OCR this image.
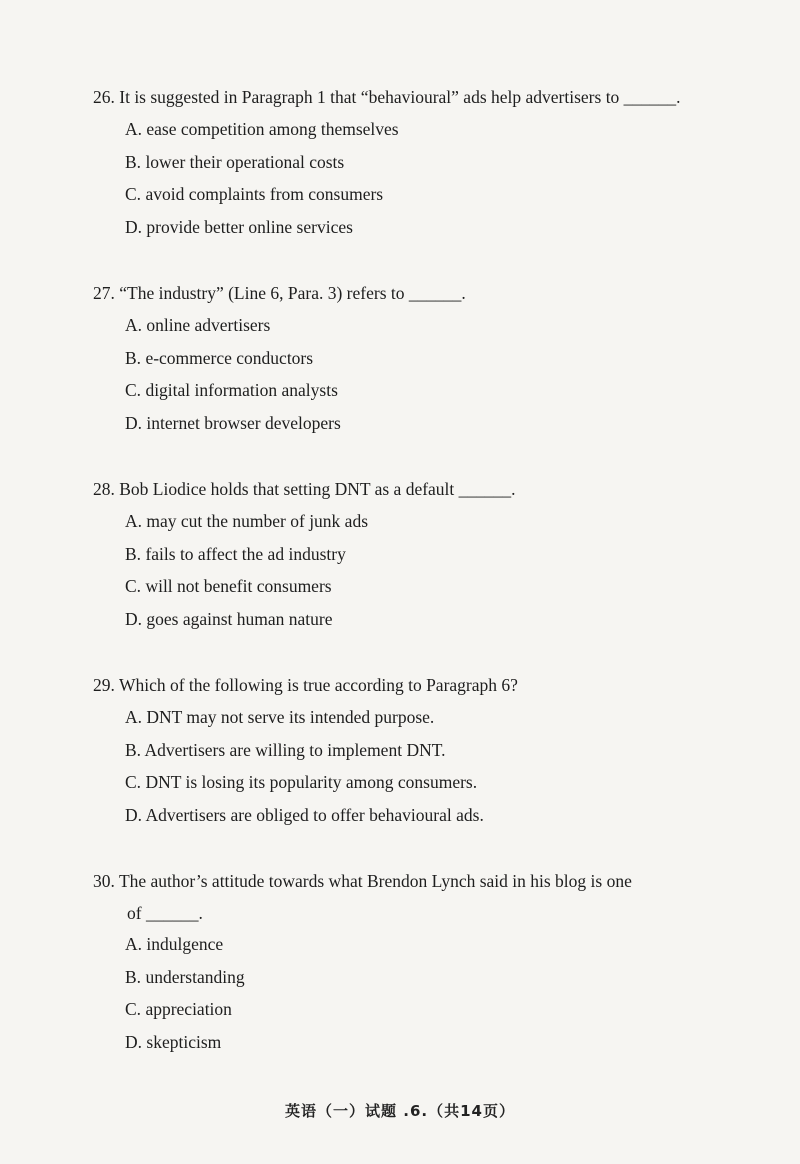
26. It is suggested in Paragraph 1 that “behavioural” ads help advertisers to ______.
A. ease competition among themselves
B. lower their operational costs
C. avoid complaints from consumers
D. provide better online services
27. “The industry” (Line 6, Para. 3) refers to ______.
A. online advertisers
B. e-commerce conductors
C. digital information analysts
D. internet browser developers
28. Bob Liodice holds that setting DNT as a default ______.
A. may cut the number of junk ads
B. fails to affect the ad industry
C. will not benefit consumers
D. goes against human nature
29. Which of the following is true according to Paragraph 6?
A. DNT may not serve its intended purpose.
B. Advertisers are willing to implement DNT.
C. DNT is losing its popularity among consumers.
D. Advertisers are obliged to offer behavioural ads.
30. The author’s attitude towards what Brendon Lynch said in his blog is one
of ______.
A. indulgence
B. understanding
C. appreciation
D. skepticism
英语（一）试题 .6.（共14页）
